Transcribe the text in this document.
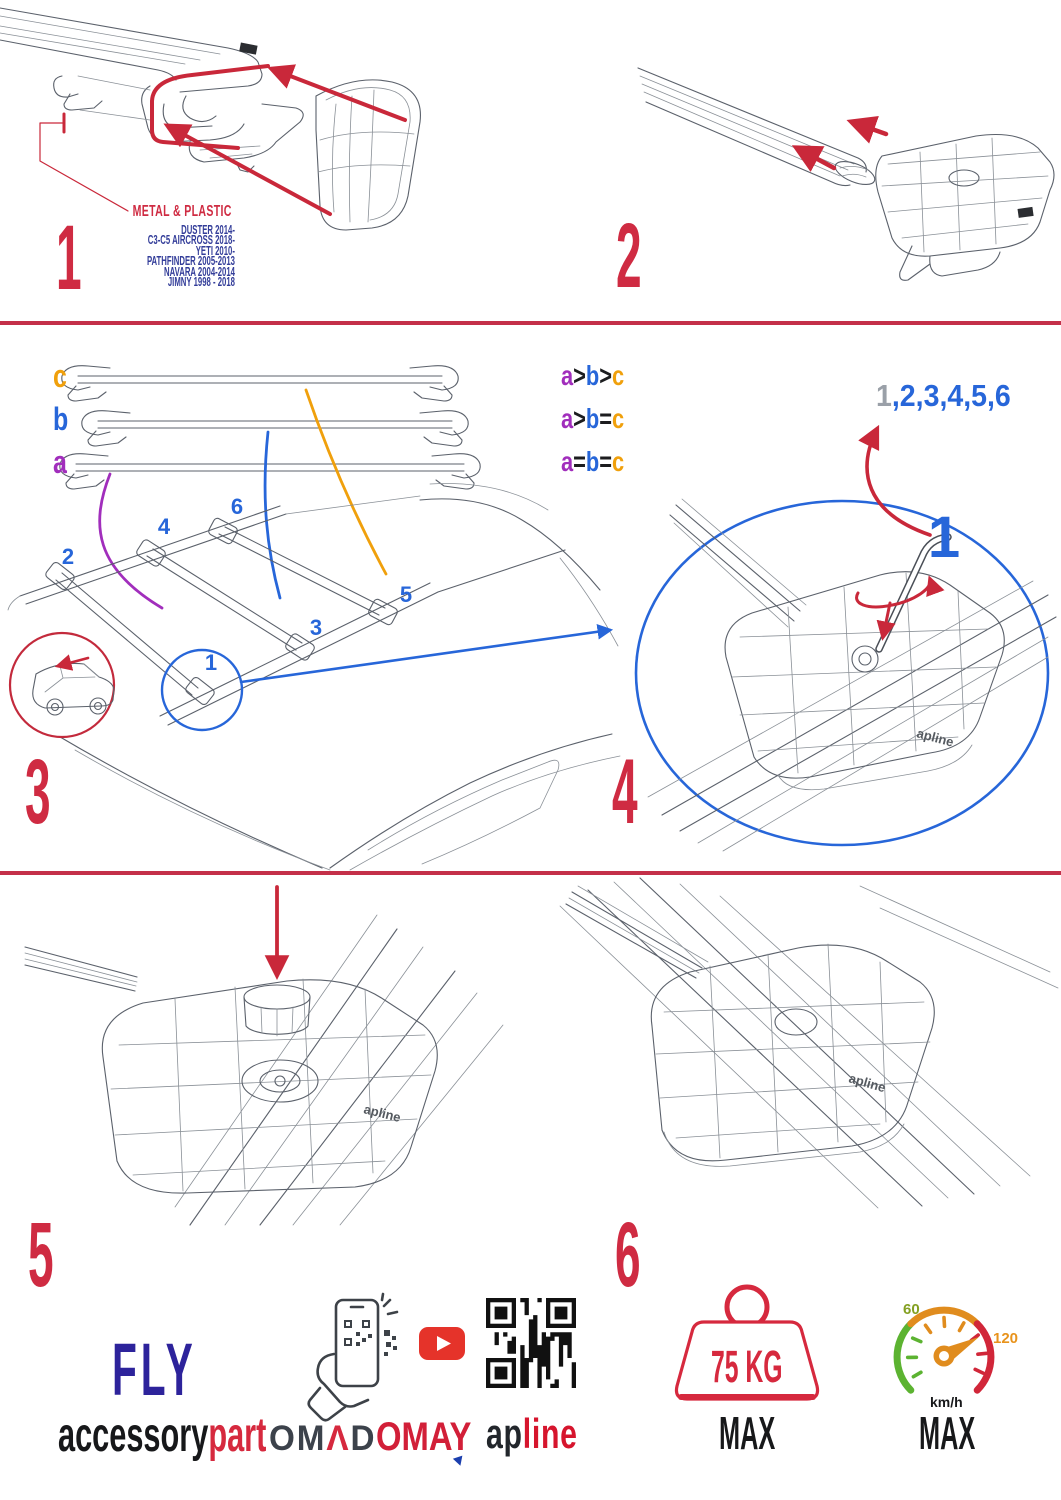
METAL & PLASTIC
DUSTER 2014-
C3-C5 AIRCROSS 2018-
YETI 2010-
PATHFINDER 2005-2013
NAVARA 2004-2014
JIMNY 1998 - 2018
1	2
c
b
a
a>b>c
a>b=c
a=b=c
1,2,3,4,5,6
2
4
6
1
3
5
3
apline
1
4
apline
apline
5	6
FLY
accessorypart OMΛD OMAY apline
75 KG
MAX
60
120
km/h
MAX
